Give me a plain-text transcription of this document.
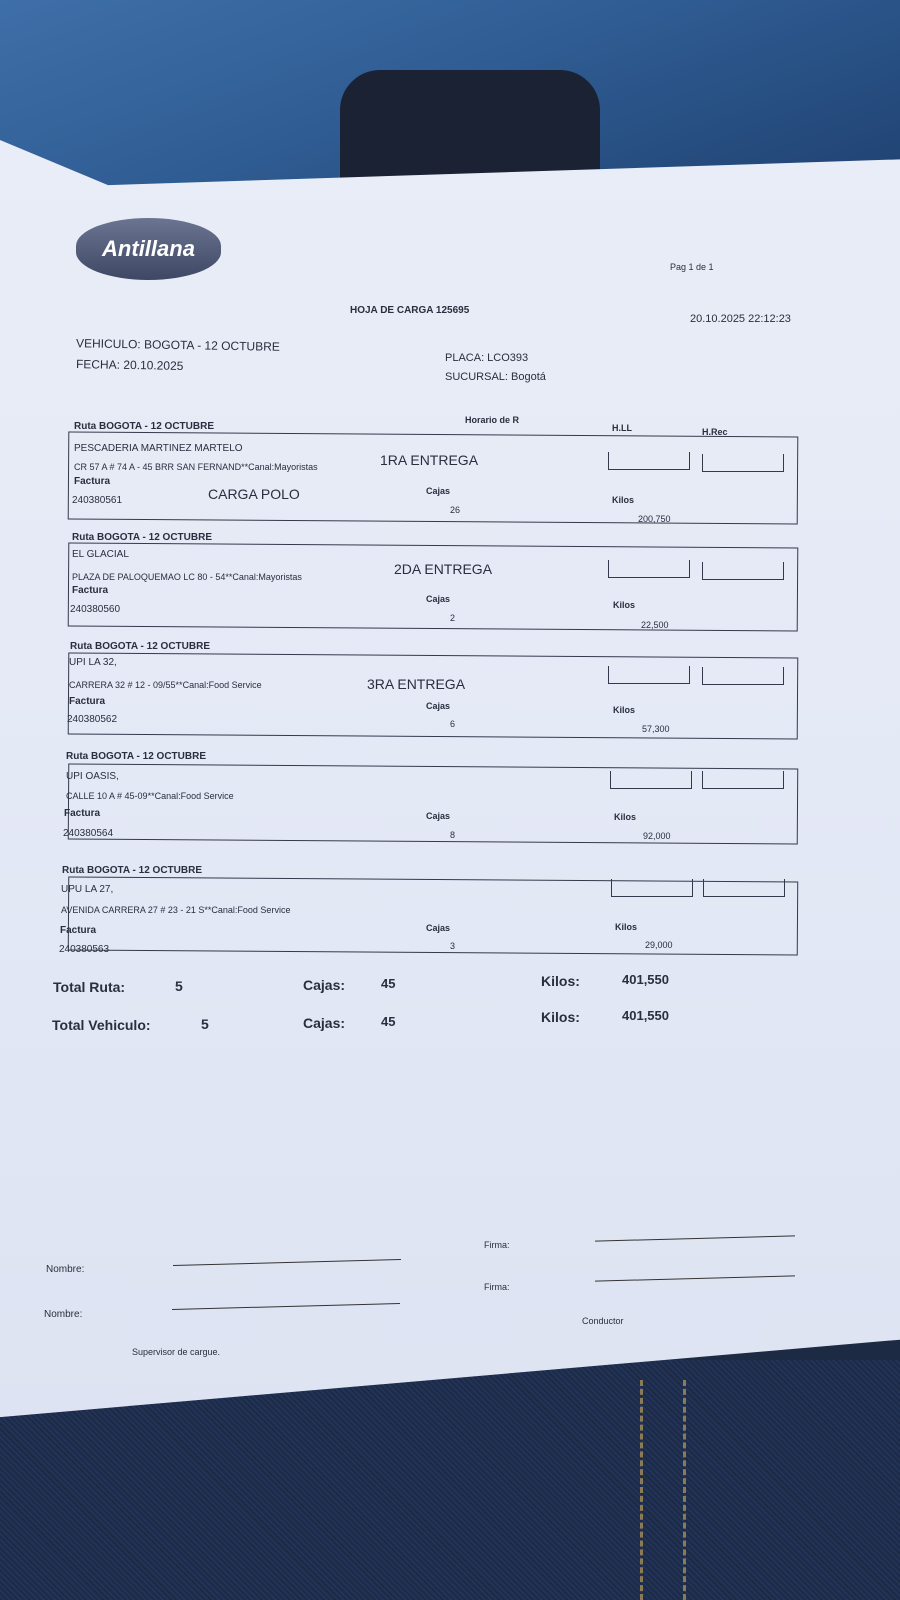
Antillana
Pag 1 de 1
HOJA DE CARGA 125695
20.10.2025 22:12:23
VEHICULO: BOGOTA - 12 OCTUBRE
FECHA: 20.10.2025	PLACA: LCO393
SUCURSAL: Bogotá
Horario de R
H.LL	H.Rec
Ruta BOGOTA - 12 OCTUBRE
PESCADERIA MARTINEZ MARTELO
CR 57 A # 74 A - 45 BRR SAN FERNAND**Canal:Mayoristas	1RA ENTREGA
CARGA POLO
Factura
240380561
Cajas
26
Kilos
200,750
Ruta BOGOTA - 12 OCTUBRE
EL GLACIAL
PLAZA DE PALOQUEMAO LC 80 - 54**Canal:Mayoristas	2DA ENTREGA
Factura
240380560
Cajas
2
Kilos
22,500
Ruta BOGOTA - 12 OCTUBRE
UPI LA 32,
CARRERA 32 # 12 - 09/55**Canal:Food Service	3RA ENTREGA
Factura
240380562
Cajas
6
Kilos
57,300
Ruta BOGOTA - 12 OCTUBRE
UPI OASIS,
CALLE 10 A # 45-09**Canal:Food Service
Factura
240380564
Cajas
8
Kilos
92,000
Ruta BOGOTA - 12 OCTUBRE
UPU LA 27,
AVENIDA CARRERA 27 # 23 - 21 S**Canal:Food Service
Factura
240380563
Cajas
3
Kilos
29,000
Total Ruta:	5	Cajas:	45	Kilos:	401,550
Total Vehiculo:	5	Cajas:	45	Kilos:	401,550
Firma:
Nombre:
Firma:
Nombre:
Conductor
Supervisor de cargue.
